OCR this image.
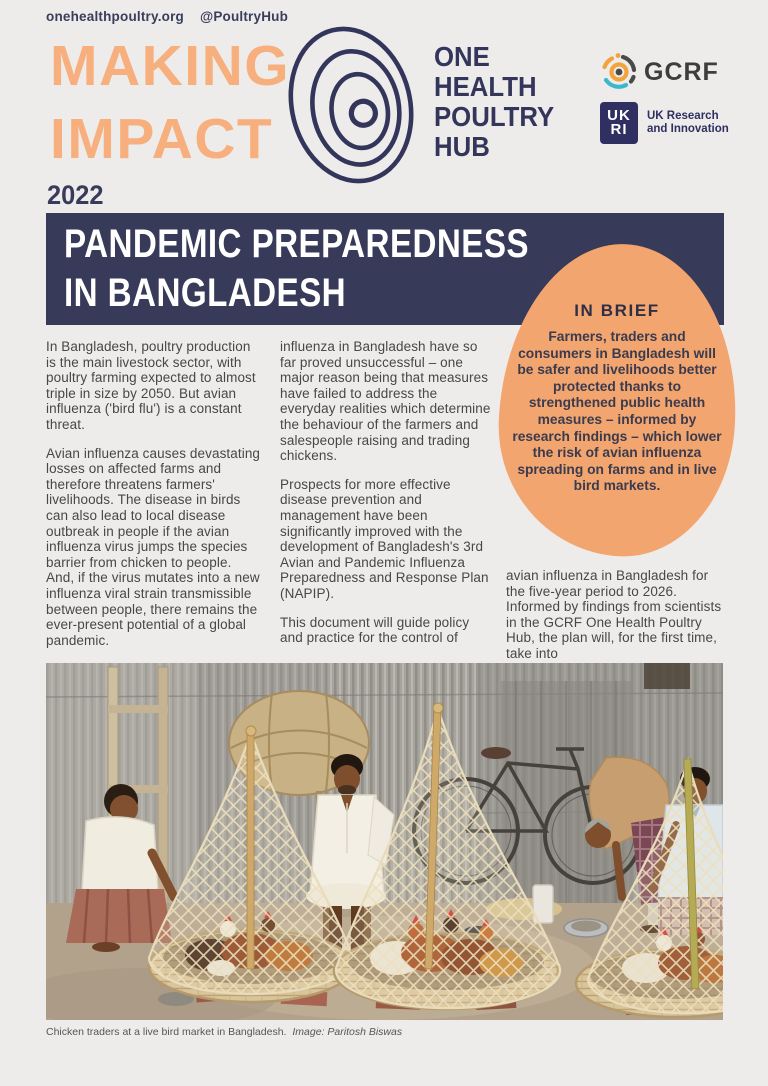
onehealthpoultry.org @PoultryHub
MAKING
IMPACT
ONE
HEALTH
POULTRY
HUB
GCRF
UK
RI
UK Research
and Innovation
2022
PANDEMIC PREPAREDNESS
IN BANGLADESH	IN BRIEF
Farmers, traders and consumers in Bangladesh will be safer and livelihoods better protected thanks to strengthened public health measures – informed by research findings – which lower the risk of avian influenza spreading on farms and in live bird markets.

In Bangladesh, poultry production is the main livestock sector, with poultry farming expected to almost triple in size by 2050. But avian influenza ('bird flu') is a constant threat.

Avian influenza causes devastating losses on affected farms and therefore threatens farmers' livelihoods. The disease in birds can also lead to local disease outbreak in people if the avian influenza virus jumps the species barrier from chicken to people. And, if the virus mutates into a new influenza viral strain transmissible between people, there remains the ever-present potential of a global pandemic.

influenza in Bangladesh have so far proved unsuccessful – one major reason being that measures have failed to address the everyday realities which determine the behaviour of the farmers and salespeople raising and trading chickens.

Prospects for more effective disease prevention and management have been significantly improved with the development of Bangladesh's 3rd Avian and Pandemic Influenza Preparedness and Response Plan (NAPIP).

This document will guide policy and practice for the control of

avian influenza in Bangladesh for the five-year period to 2026. Informed by findings from scientists in the GCRF One Health Poultry Hub, the plan will, for the first time, take into

Chicken traders at a live bird market in Bangladesh. Image: Paritosh Biswas
